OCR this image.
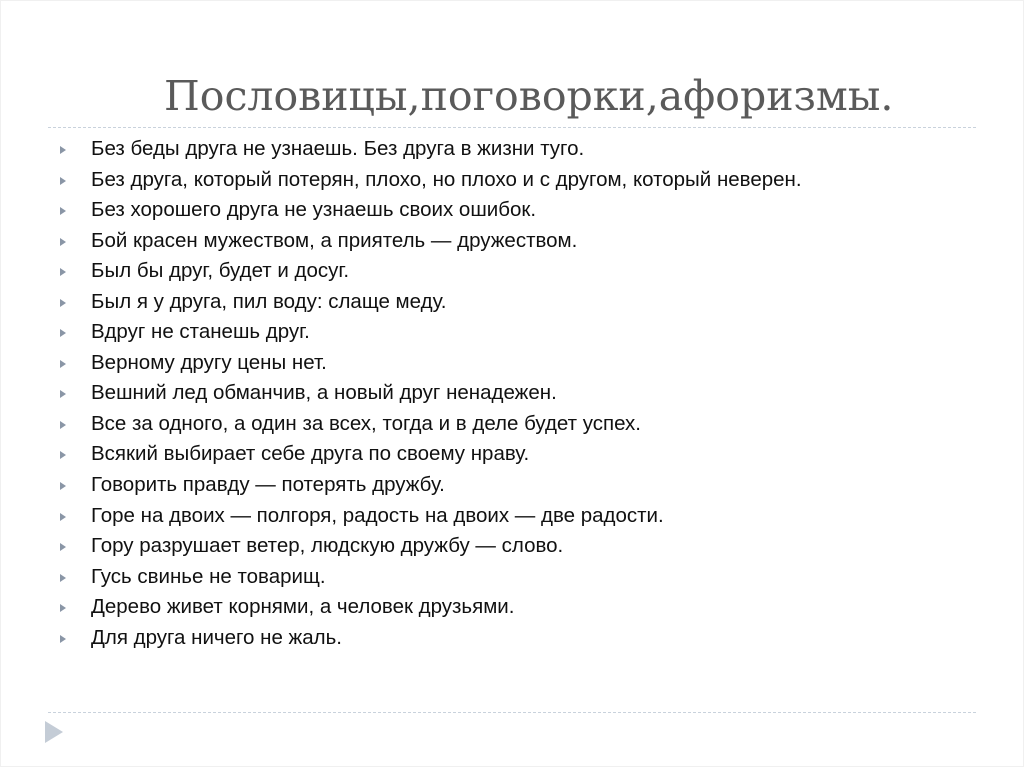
Пословицы,поговорки,афоризмы.
Без беды друга не узнаешь. Без друга в жизни туго.
Без друга, который потерян, плохо, но плохо и с другом, который неверен.
Без хорошего друга не узнаешь своих ошибок.
Бой красен мужеством, а приятель — дружеством.
Был бы друг, будет и досуг.
Был я у друга, пил воду: слаще меду.
Вдруг не станешь друг.
Верному другу цены нет.
Вешний лед обманчив, а новый друг ненадежен.
Все за одного, а один за всех, тогда и в деле будет успех.
Всякий выбирает себе друга по своему нраву.
Говорить правду — потерять дружбу.
Горе на двоих — полгоря, радость на двоих — две радости.
Гору разрушает ветер, людскую дружбу — слово.
Гусь свинье не товарищ.
Дерево живет корнями, а человек друзьями.
Для друга ничего не жаль.
